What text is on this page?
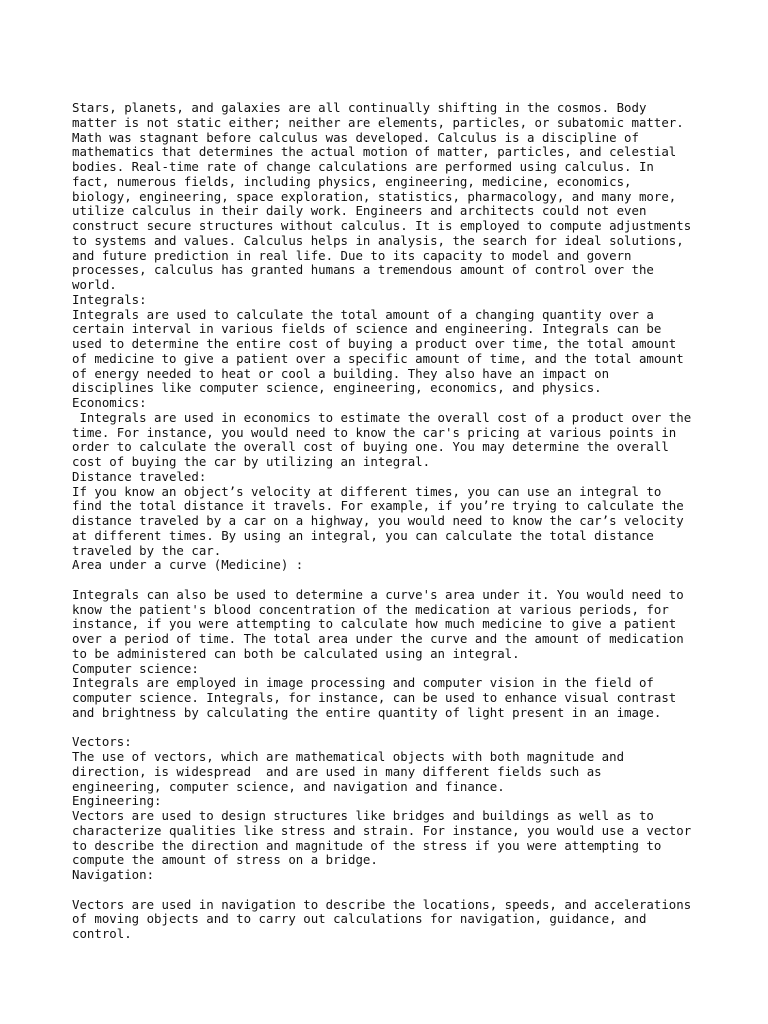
Stars, planets, and galaxies are all continually shifting in the cosmos. Body
matter is not static either; neither are elements, particles, or subatomic matter.
Math was stagnant before calculus was developed. Calculus is a discipline of
mathematics that determines the actual motion of matter, particles, and celestial
bodies. Real-time rate of change calculations are performed using calculus. In
fact, numerous fields, including physics, engineering, medicine, economics,
biology, engineering, space exploration, statistics, pharmacology, and many more,
utilize calculus in their daily work. Engineers and architects could not even
construct secure structures without calculus. It is employed to compute adjustments
to systems and values. Calculus helps in analysis, the search for ideal solutions,
and future prediction in real life. Due to its capacity to model and govern
processes, calculus has granted humans a tremendous amount of control over the
world.
Integrals:
Integrals are used to calculate the total amount of a changing quantity over a
certain interval in various fields of science and engineering. Integrals can be
used to determine the entire cost of buying a product over time, the total amount
of medicine to give a patient over a specific amount of time, and the total amount
of energy needed to heat or cool a building. They also have an impact on
disciplines like computer science, engineering, economics, and physics.
Economics:
Integrals are used in economics to estimate the overall cost of a product over the
time. For instance, you would need to know the car's pricing at various points in
order to calculate the overall cost of buying one. You may determine the overall
cost of buying the car by utilizing an integral.
Distance traveled:
If you know an object’s velocity at different times, you can use an integral to
find the total distance it travels. For example, if you’re trying to calculate the
distance traveled by a car on a highway, you would need to know the car’s velocity
at different times. By using an integral, you can calculate the total distance
traveled by the car.
Area under a curve (Medicine) :
Integrals can also be used to determine a curve's area under it. You would need to
know the patient's blood concentration of the medication at various periods, for
instance, if you were attempting to calculate how much medicine to give a patient
over a period of time. The total area under the curve and the amount of medication
to be administered can both be calculated using an integral.
Computer science:
Integrals are employed in image processing and computer vision in the field of
computer science. Integrals, for instance, can be used to enhance visual contrast
and brightness by calculating the entire quantity of light present in an image.
Vectors:
The use of vectors, which are mathematical objects with both magnitude and
direction, is widespread  and are used in many different fields such as
engineering, computer science, and navigation and finance.
Engineering:
Vectors are used to design structures like bridges and buildings as well as to
characterize qualities like stress and strain. For instance, you would use a vector
to describe the direction and magnitude of the stress if you were attempting to
compute the amount of stress on a bridge.
Navigation:
Vectors are used in navigation to describe the locations, speeds, and accelerations
of moving objects and to carry out calculations for navigation, guidance, and
control.
